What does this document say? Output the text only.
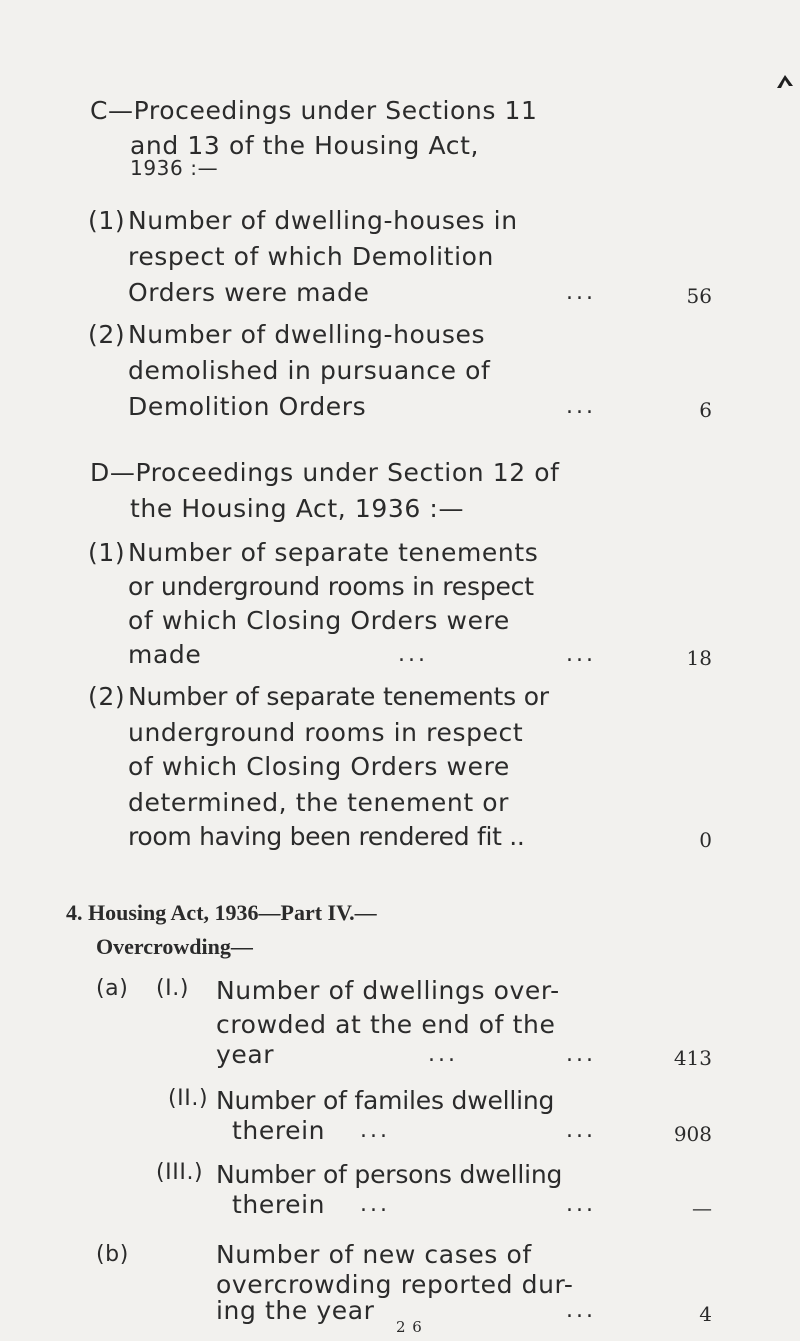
C—Proceedings under Sections 11
and 13 of the Housing Act,
1936 :—
(1) Number of dwelling-houses in
respect of which Demolition
Orders were made	...	56
(2) Number of dwelling-houses
demolished in pursuance of
Demolition Orders	...	6
D—Proceedings under Section 12 of
the Housing Act, 1936 :—
(1) Number of separate tenements
or underground rooms in respect
of which Closing Orders were
made	...	...	18
(2) Number of separate tenements or
underground rooms in respect
of which Closing Orders were
determined, the tenement or
room having been rendered fit ..	0
4. Housing Act, 1936—Part IV.—
Overcrowding—
(a) (I.) Number of dwellings over-
crowded at the end of the
year	...	...	413
(II.) Number of familes dwelling
therein ...	...	908
(III.) Number of persons dwelling
therein ...	...	—
(b)	Number of new cases of
overcrowding reported dur-
ing the year	...	4
2 6
